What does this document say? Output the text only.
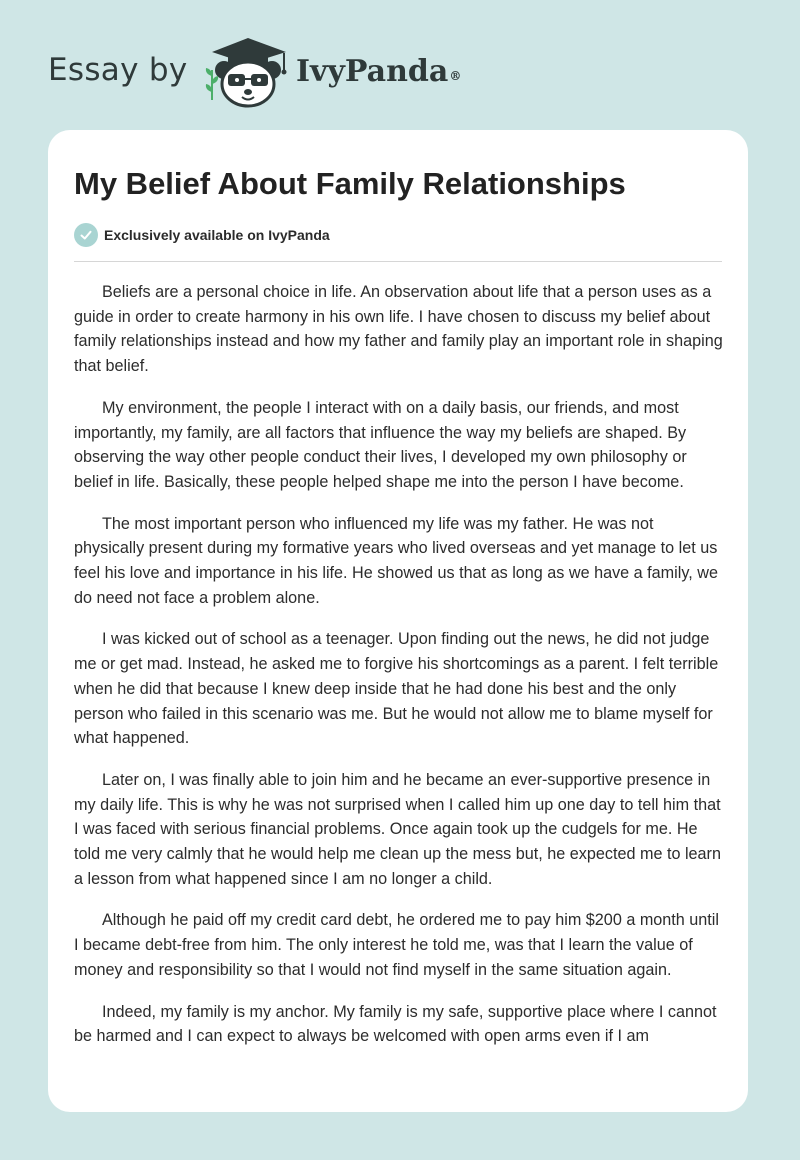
Essay by	IvyPanda®
My Belief About Family Relationships
Exclusively available on IvyPanda

Beliefs are a personal choice in life. An observation about life that a person uses as a guide in order to create harmony in his own life. I have chosen to discuss my belief about family relationships instead and how my father and family play an important role in shaping that belief.

My environment, the people I interact with on a daily basis, our friends, and most importantly, my family, are all factors that influence the way my beliefs are shaped. By observing the way other people conduct their lives, I developed my own philosophy or belief in life. Basically, these people helped shape me into the person I have become.

The most important person who influenced my life was my father. He was not physically present during my formative years who lived overseas and yet manage to let us feel his love and importance in his life. He showed us that as long as we have a family, we do need not face a problem alone.

I was kicked out of school as a teenager. Upon finding out the news, he did not judge me or get mad. Instead, he asked me to forgive his shortcomings as a parent. I felt terrible when he did that because I knew deep inside that he had done his best and the only person who failed in this scenario was me. But he would not allow me to blame myself for what happened.

Later on, I was finally able to join him and he became an ever-supportive presence in my daily life. This is why he was not surprised when I called him up one day to tell him that I was faced with serious financial problems. Once again took up the cudgels for me. He told me very calmly that he would help me clean up the mess but, he expected me to learn a lesson from what happened since I am no longer a child.

Although he paid off my credit card debt, he ordered me to pay him $200 a month until I became debt-free from him. The only interest he told me, was that I learn the value of money and responsibility so that I would not find myself in the same situation again.

Indeed, my family is my anchor. My family is my safe, supportive place where I cannot be harmed and I can expect to always be welcomed with open arms even if I am
